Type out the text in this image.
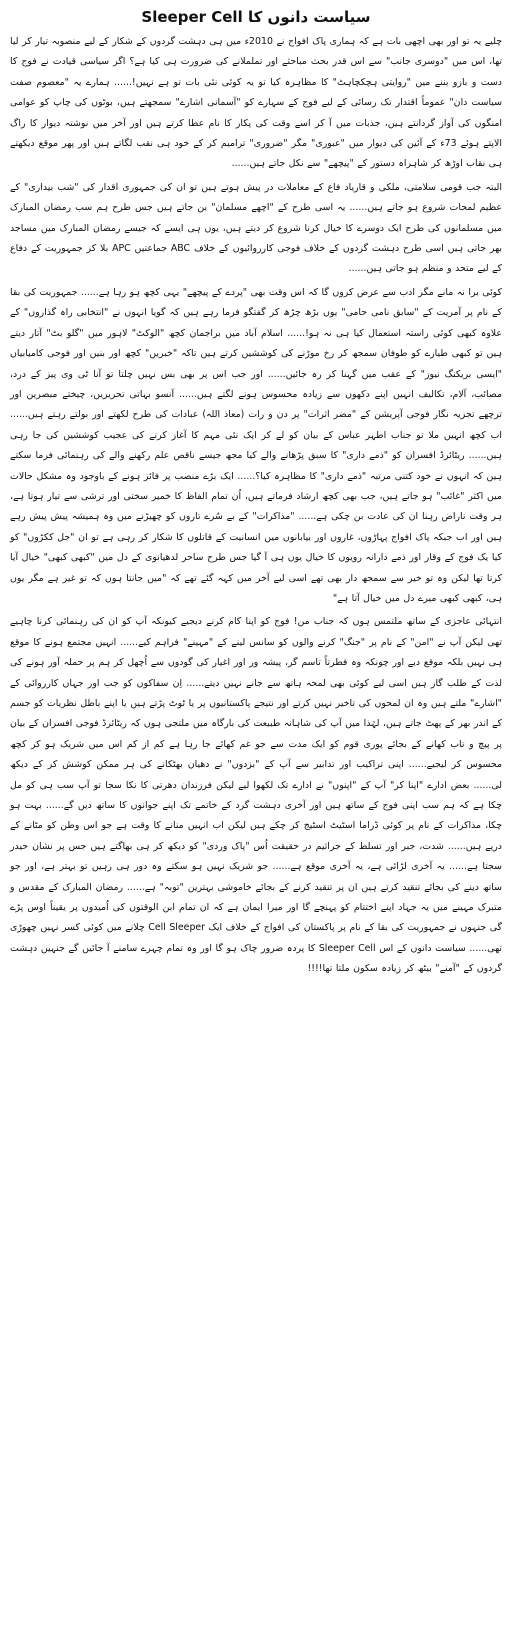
سیاست دانوں کا Sleeper Cell

چلیے یہ تو اور بھی اچھی بات ہے کہ ہماری پاک افواج نے 2010ء میں ہی دہشت گردوں کے شکار کے لیے منصوبہ تیار کر لیا تھا، اس میں "دوسری جانب" سے اس قدر بحث مباحثے اور تململانے کی ضرورت ہی کیا ہے؟ اگر سیاسی قیادت نے فوج کا دست و بازو بننے میں "روایتی ہچکچاہٹ" کا مظاہرہ کیا تو یہ کوئی نئی بات تو ہے نہیں!...... ہمارے یہ "معصوم صفت سیاست دان" عموماً اقتدار تک رسائی کے لیے فوج کے سہارے کو "آسمانی اشارے" سمجھتے ہیں، بوٹوں کی چاپ کو عوامی امنگوں کی آواز گردانتے ہیں، جذبات میں آ کر اسے وقت کی پکار کا نام عطا کرتے ہیں اور آخر میں نوشتہ دیوار کا راگ الاپتے ہوئے 73ء کے آئین کی دیوار میں "عبوری" مگر "ضروری" ترامیم کر کے خود ہی نقب لگاتے ہیں اور پھر موقع دیکھتے ہی نقاب اوڑھ کر شاہراہ دستور کے "پیچھے" سے نکل جاتے ہیں......

البتہ جب قومی سلامتی، ملکی و قاریاد فاع کے معاملات در پیش ہوتے ہیں تو ان کی جمہوری اقدار کی "شب بیداری" کے عظیم لمحات شروع ہو جاتے ہیں...... یہ اسی طرح کے "اچھے مسلمان" بن جاتے ہیں جس طرح ہم سب رمضان المبارک میں مسلمانوں کی طرح ایک دوسرے کا خیال کرنا شروع کر دیتے ہیں، یوں ہی ایسے کہ جیسے رمضان المبارک میں مساجد بھر جاتی ہیں اسی طرح دہشت گردوں کے خلاف فوجی کارروائیوں کے خلاف ABC جماعتیں APC بلا کر جمہوریت کے دفاع کے لیے متحد و منظم ہو جاتی ہیں......

کوئی برا نہ مانے مگر ادب سے عرض کروں گا کہ اس وقت بھی "پردے کے پیچھے" یہی کچھ ہو رہا ہے...... جمہوریت کی بقا کے نام پر آمریت کے "سابق نامی حامی" یوں بڑھ چڑھ کر گفتگو فرما رہے ہیں کہ گویا انہوں نے "انتخابی راہ گذاروں" کے علاوہ کبھی کوئی راستہ استعمال کیا ہی نہ ہو!...... اسلام آباد میں براجمان کچھ "الوکٹ" لاہور میں "گلو بٹ" آتار دیتے ہیں تو کبھی طیارے کو طوفان سمجھ کر رخ موڑنے کی کوششیں کرتے ہیں تاکہ "خبریں" کچھ اور بنیں اور فوجی کامیابیاں "ایسی بریکنگ نیوز" کے عقب میں گہنا کر رہ جائیں...... اور جب اس پر بھی بس نہیں چلتا تو آنا ٹی وی پیز کے درد، مصائب، آلام، تکالیف انہیں اپنے دکھوں سے زیادہ محسوس ہونے لگتے ہیں...... آنسو بہاتی تحریریں، چیختے مبصرین اور ترچھے تجزیہ نگار فوجی آپریشن کے "مضر اثرات" پر دن و رات (معاذ اللہ) عبادات کی طرح لکھتے اور بولتے رہتے ہیں...... اب کچھ انہیں ملا تو جناب اطہر عباس کے بیان کو لے کر ایک نئی مہم کا آغاز کرنے کی عجیب کوششیں کی جا رہی ہیں...... ریٹائرڈ افسران کو "ذمے داری" کا سبق پڑھانے والے کیا مجھ جیسے ناقص علم رکھنے والے کی رہنمائی فرما سکتے ہیں کہ انہوں نے خود کتنی مرتبہ "ذمے داری" کا مظاہرہ کیا؟...... ایک بڑے منصب پر فائز ہونے کے باوجود وہ مشکل حالات میں اکثر "غائب" ہو جاتے ہیں، جب بھی کچھ ارشاد فرماتے ہیں، اُن تمام الفاظ کا خمیر سختی اور ترشی سے تیار ہوتا ہے، ہر وقت ناراض رہنا ان کی عادت بن چکی ہے...... "مذاکرات" کے بے سُرے تاروں کو چھیڑنے میں وہ ہمیشہ پیش پیش رہے ہیں اور اب جبکہ پاک افواج پہاڑوں، غاروں اور بیابانوں میں انسانیت کے قاتلوں کا شکار کر رہی ہے تو ان "جل ککڑوں" کو کیا یک فوج کے وقار اور ذمے دارانہ رویوں کا خیال یوں ہی آ گیا جس طرح ساحر لدھیانوی کے دل میں "کبھی کبھی" خیال آیا کرتا تھا لیکن وہ تو خیر سے سمجھ دار بھی تھے اسی لیے آخر میں کہہ گئے تھے کہ "میں جانتا ہوں کہ تو غیر ہے مگر یوں ہی، کبھی کبھی میرے دل میں خیال آتا ہے"

انتہائی عاجزی کے ساتھ ملتمس ہوں کہ جناب من! فوج کو اپنا کام کرنے دیجیے کیونکہ آپ کو ان کی رہنمائی کرنا چاہیے تھی لیکن آپ نے "امن" کے نام پر "جنگ" کرنے والوں کو سانس لینے کے "مہینے" فراہم کیے...... انہیں مجتمع ہونے کا موقع ہی نہیں بلکہ موقع دیے اور چونکہ وہ فطرتاً تاسم گر، پیشہ ور اور اغیار کی گودوں سے اُچھل کر ہم پر حملہ آور ہونے کی لذت کے طلب گار ہیں اسی لیے کوئی بھی لمحہ ہاتھ سے جانے نہیں دیتے...... اِن سفاکوں کو جب اور جہاں کارروائی کے "اشارے" ملتے ہیں وہ ان لمحوں کی تاخیر نہیں کرتے اور نتیجے پاکستانیوں پر یا ٹوٹ پڑتے ہیں یا اپنے باطل نظریات کو جسم کے اندر بھر کے پھٹ جاتے ہیں، لہٰذا میں آپ کی شاہانہ طبیعت کی بارگاہ میں ملتجی ہوں کہ ریٹائرڈ فوجی افسران کے بیان پر پیچ و تاب کھانے کے بجائے پوری قوم کو ایک مدت سے جو غم کھائے جا رہا ہے کم از کم اس میں شریک ہو کر کچھ محسوس کر لیجیے...... اپنی تراکیب اور تدابیر سے آپ کے "بزدوں" نے دھیان بھٹکانے کی ہر ممکن کوشش کر کے دیکھ لی...... بعض ادارے "اپنا کر" آپ کے "اپنوں" نے ادارے تک لکھوا لیے لیکن فرزندان دھرتی کا نکا سجا تو آپ سب ہی کو مل چکا ہے کہ ہم سب اپنی فوج کے ساتھ ہیں اور آخری دہشت گرد کے خاتمے تک اپنے جوانوں کا ساتھ دیں گے...... بہت ہو چکا، مذاکرات کے نام پر کوئی ڈراما اسٹیٹ اسٹیج کر چکے ہیں لیکن اب انہیں منانے کا وقت ہے جو اس وطن کو مٹانے کے درپے ہیں...... شدت، جبر اور تسلط کے جراثیم در حقیقت اُس "پاک وردی" کو دیکھ کر ہی بھاگتے ہیں جس پر نشان حیدر سجتا ہے...... یہ آخری لڑائی ہے، یہ آخری موقع ہے...... جو شریک نہیں ہو سکتے وہ دور ہی رہیں تو بہتر ہے، اور جو ساتھ دینے کی بجائے تنقید کرتے ہیں ان پر تنقید کرنے کے بجائے خاموشی بہترین "توبہ" ہے...... رمضان المبارک کے مقدس و متبرک مہینے میں یہ جہاد اپنے اختتام کو پہنچے گا اور میرا ایمان ہے کہ ان تمام ابن الوقتوں کی اُمیدوں پر یقیناً اوس پڑے گی جنہوں نے جمہوریت کی بقا کے نام پر پاکستان کی افواج کے خلاف ایک Cell Sleeper چلانے میں کوئی کسر نہیں چھوڑی تھی...... سیاست دانوں کے اس Sleeper Cell کا پردہ ضرور چاک ہو گا اور وہ تمام چہرے سامنے آ جائیں گے جنہیں دہشت گردوں کے "آمنے" بیٹھ کر زیادہ سکون ملتا تھا!!!!
